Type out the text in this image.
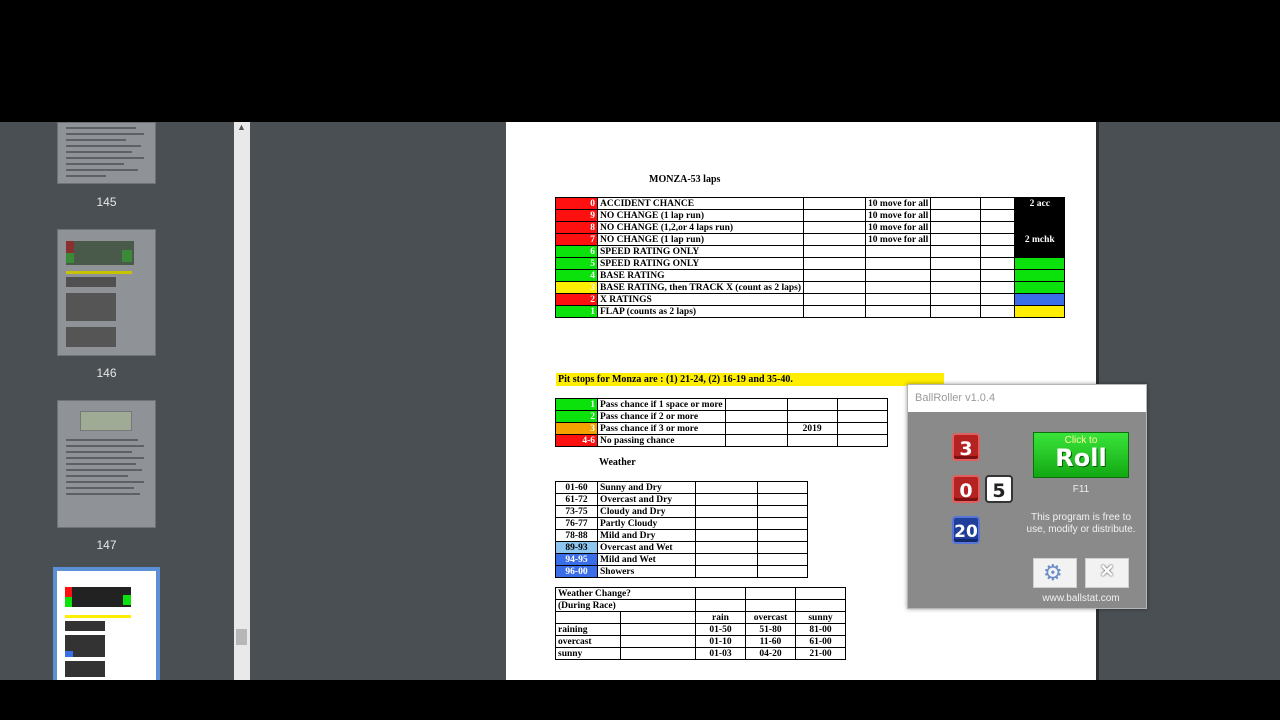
145
146
147
▲
MONZA-53 laps
0	ACCIDENT CHANCE		10 move for all			2 acc
9	NO CHANGE (1 lap run)		10 move for all			
8	NO CHANGE (1,2,or 4 laps run)		10 move for all			
7	NO CHANGE (1 lap run)		10 move for all			2 mchk
6	SPEED RATING ONLY					
5	SPEED RATING ONLY					
4	BASE RATING					
3	BASE RATING, then TRACK X (count as 2 laps)					
2	X RATINGS					
1	FLAP (counts as 2 laps)					
Pit stops for Monza are : (1) 21-24, (2) 16-19 and 35-40.
1	Pass chance if 1 space or more			
2	Pass chance if 2 or more			
3	Pass chance if 3 or more		2019	
4-6	No passing chance			
Weather
01-60	Sunny and Dry		
61-72	Overcast and Dry		
73-75	Cloudy and Dry		
76-77	Partly Cloudy		
78-88	Mild and Dry		
89-93	Overcast and Wet		
94-95	Mild and Wet		
96-00	Showers		
Weather Change?				
(During Race)				
		rain	overcast	sunny
raining		01-50	51-80	81-00
overcast		01-10	11-60	61-00
sunny		01-03	04-20	21-00
BallRoller v1.0.4
3
0	5
20
Click to
Roll
F11
This program is free to use, modify or distribute.
⚙ ✕
www.ballstat.com
